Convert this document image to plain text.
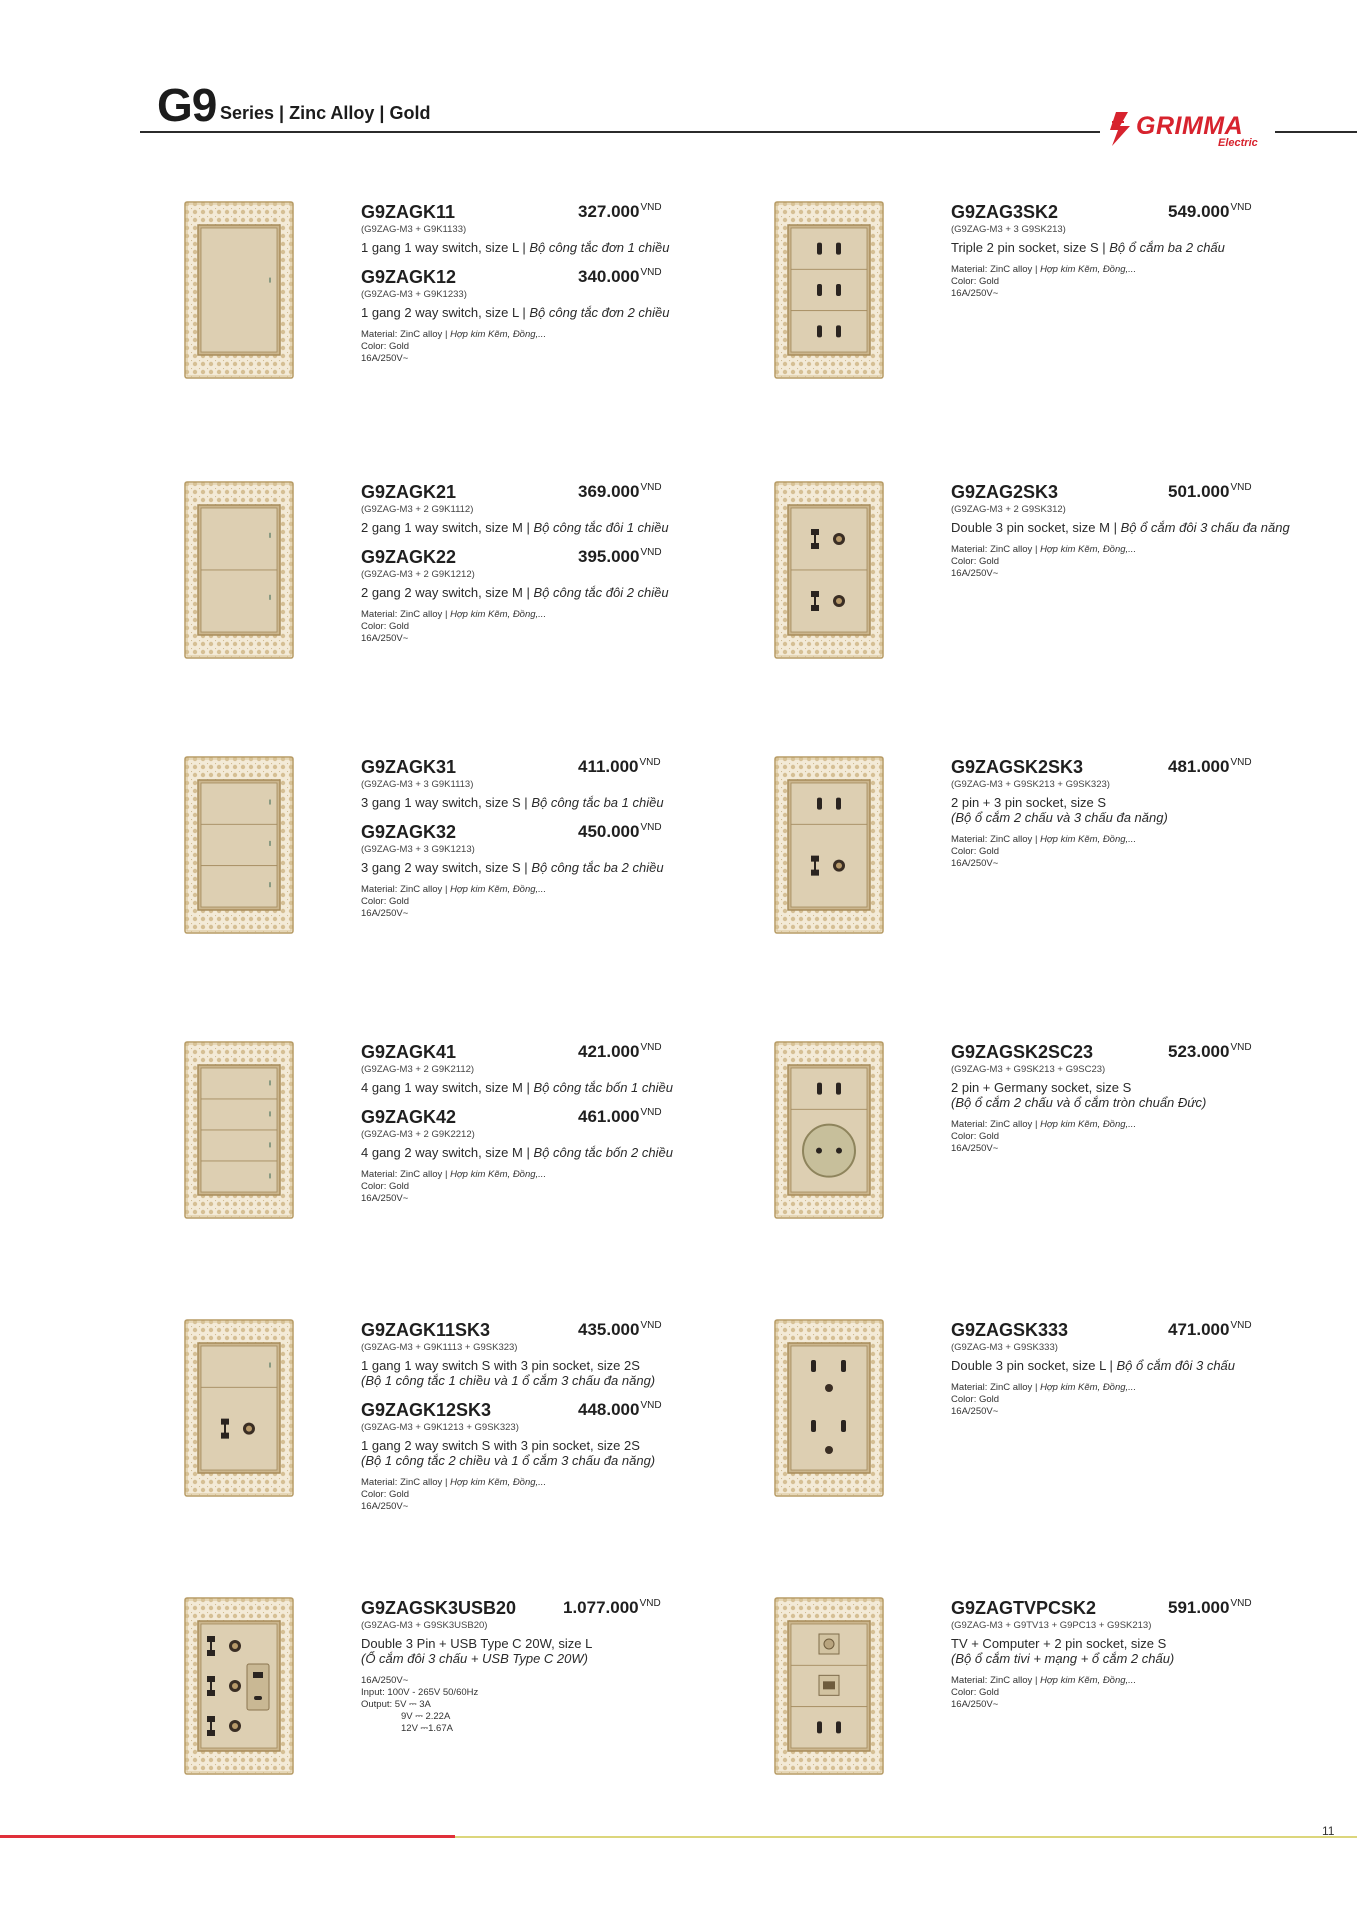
G9 Series | Zinc Alloy | Gold	GRIMMA
Electric
G9ZAGK11	$327.000^{VND}$
(G9ZAG-M3 + G9K1133)
1 gang 1 way switch, size L | Bộ công tắc đơn 1 chiều
G9ZAGK12	$340.000^{VND}$
(G9ZAG-M3 + G9K1233)
1 gang 2 way switch, size L | Bộ công tắc đơn 2 chiều
Material: ZinC alloy | Hợp kim Kẽm, Đồng,...
Color: Gold
16A/250V~
G9ZAG3SK2	$549.000^{VND}$
(G9ZAG-M3 + 3 G9SK213)
Triple 2 pin socket, size S | Bộ ổ cắm ba 2 chấu
Material: ZinC alloy | Hợp kim Kẽm, Đồng,...
Color: Gold
16A/250V~
G9ZAGK21	$369.000^{VND}$
(G9ZAG-M3 + 2 G9K1112)
2 gang 1 way switch, size M | Bộ công tắc đôi 1 chiều
G9ZAGK22	$395.000^{VND}$
(G9ZAG-M3 + 2 G9K1212)
2 gang 2 way switch, size M | Bộ công tắc đôi 2 chiều
Material: ZinC alloy | Hợp kim Kẽm, Đồng,...
Color: Gold
16A/250V~
G9ZAG2SK3	$501.000^{VND}$
(G9ZAG-M3 + 2 G9SK312)
Double 3 pin socket, size M | Bộ ổ cắm đôi 3 chấu đa năng
Material: ZinC alloy | Hợp kim Kẽm, Đồng,...
Color: Gold
16A/250V~
G9ZAGK31	$411.000^{VND}$
(G9ZAG-M3 + 3 G9K1113)
3 gang 1 way switch, size S | Bộ công tắc ba 1 chiều
G9ZAGK32	$450.000^{VND}$
(G9ZAG-M3 + 3 G9K1213)
3 gang 2 way switch, size S | Bộ công tắc ba 2 chiều
Material: ZinC alloy | Hợp kim Kẽm, Đồng,...
Color: Gold
16A/250V~
G9ZAGSK2SK3	$481.000^{VND}$
(G9ZAG-M3 + G9SK213 + G9SK323)
2 pin + 3 pin socket, size S
(Bộ ổ cắm 2 chấu và 3 chấu đa năng)
Material: ZinC alloy | Hợp kim Kẽm, Đồng,...
Color: Gold
16A/250V~
G9ZAGK41	$421.000^{VND}$
(G9ZAG-M3 + 2 G9K2112)
4 gang 1 way switch, size M | Bộ công tắc bốn 1 chiều
G9ZAGK42	$461.000^{VND}$
(G9ZAG-M3 + 2 G9K2212)
4 gang 2 way switch, size M | Bộ công tắc bốn 2 chiều
Material: ZinC alloy | Hợp kim Kẽm, Đồng,...
Color: Gold
16A/250V~
G9ZAGSK2SC23	$523.000^{VND}$
(G9ZAG-M3 + G9SK213 + G9SC23)
2 pin + Germany socket, size S
(Bộ ổ cắm 2 chấu và ổ cắm tròn chuẩn Đức)
Material: ZinC alloy | Hợp kim Kẽm, Đồng,...
Color: Gold
16A/250V~
G9ZAGK11SK3	$435.000^{VND}$
(G9ZAG-M3 + G9K1113 + G9SK323)
1 gang 1 way switch S with 3 pin socket, size 2S
(Bộ 1 công tắc 1 chiều và 1 ổ cắm 3 chấu đa năng)
G9ZAGK12SK3	$448.000^{VND}$
(G9ZAG-M3 + G9K1213 + G9SK323)
1 gang 2 way switch S with 3 pin socket, size 2S
(Bộ 1 công tắc 2 chiều và 1 ổ cắm 3 chấu đa năng)
Material: ZinC alloy | Hợp kim Kẽm, Đồng,...
Color: Gold
16A/250V~
G9ZAGSK333	$471.000^{VND}$
(G9ZAG-M3 + G9SK333)
Double 3 pin socket, size L | Bộ ổ cắm đôi 3 chấu
Material: ZinC alloy | Hợp kim Kẽm, Đồng,...
Color: Gold
16A/250V~
G9ZAGSK3USB20	$1.077.000^{VND}$
(G9ZAG-M3 + G9SK3USB20)
Double 3 Pin + USB Type C 20W, size L
(Ổ cắm đôi 3 chấu + USB Type C 20W)
16A/250V~
Input: 100V - 265V 50/60Hz
Output: 5V ⎓ 3A
9V ⎓ 2.22A
12V ⎓1.67A
G9ZAGTVPCSK2	$591.000^{VND}$
(G9ZAG-M3 + G9TV13 + G9PC13 + G9SK213)
TV + Computer + 2 pin socket, size S
(Bộ ổ cắm tivi + mạng + ổ cắm 2 chấu)
Material: ZinC alloy | Hợp kim Kẽm, Đồng,...
Color: Gold
16A/250V~
11
